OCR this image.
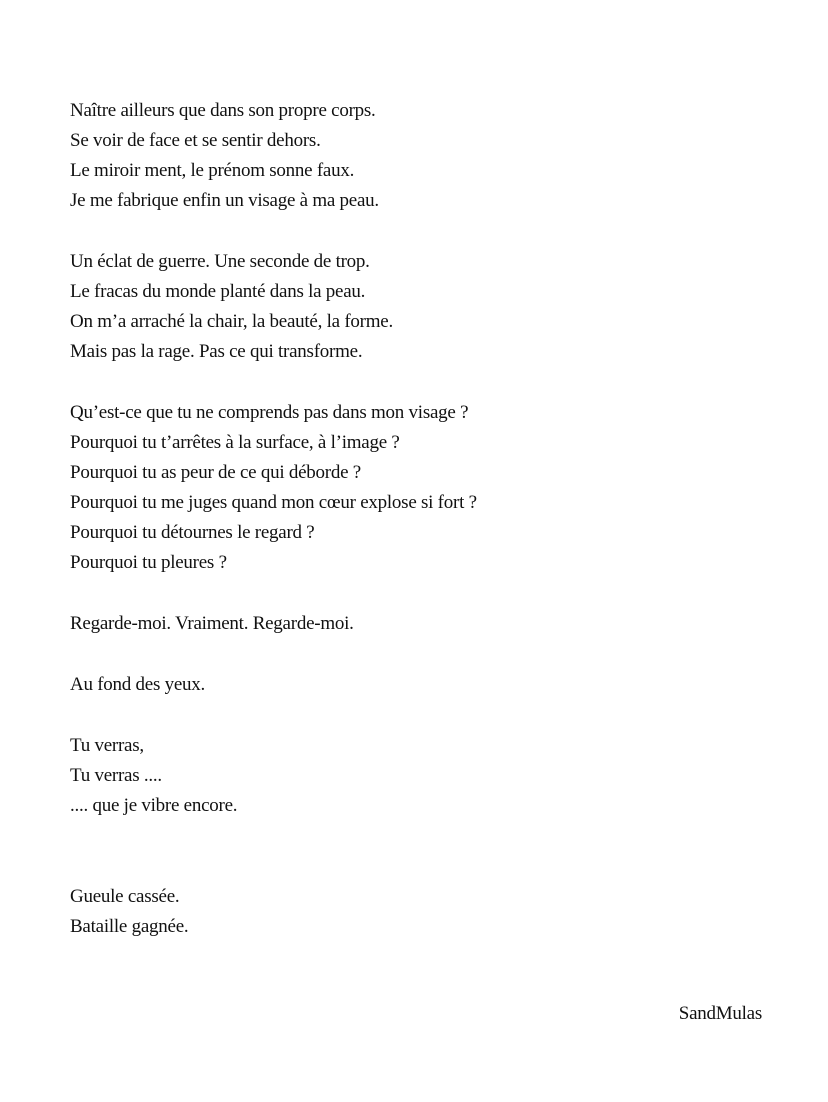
Naître ailleurs que dans son propre corps.
Se voir de face et se sentir dehors.
Le miroir ment, le prénom sonne faux.
Je me fabrique enfin un visage à ma peau.
Un éclat de guerre. Une seconde de trop.
Le fracas du monde planté dans la peau.
On m’a arraché la chair, la beauté, la forme.
Mais pas la rage. Pas ce qui transforme.
Qu’est-ce que tu ne comprends pas dans mon visage ?
Pourquoi tu t’arrêtes à la surface, à l’image ?
Pourquoi tu as peur de ce qui déborde ?
Pourquoi tu me juges quand mon cœur explose si fort ?
Pourquoi tu détournes le regard ?
Pourquoi tu pleures ?
Regarde-moi. Vraiment. Regarde-moi.
Au fond des yeux.
Tu verras,
Tu verras ....
.... que je vibre encore.
Gueule cassée.
Bataille gagnée.
SandMulas
